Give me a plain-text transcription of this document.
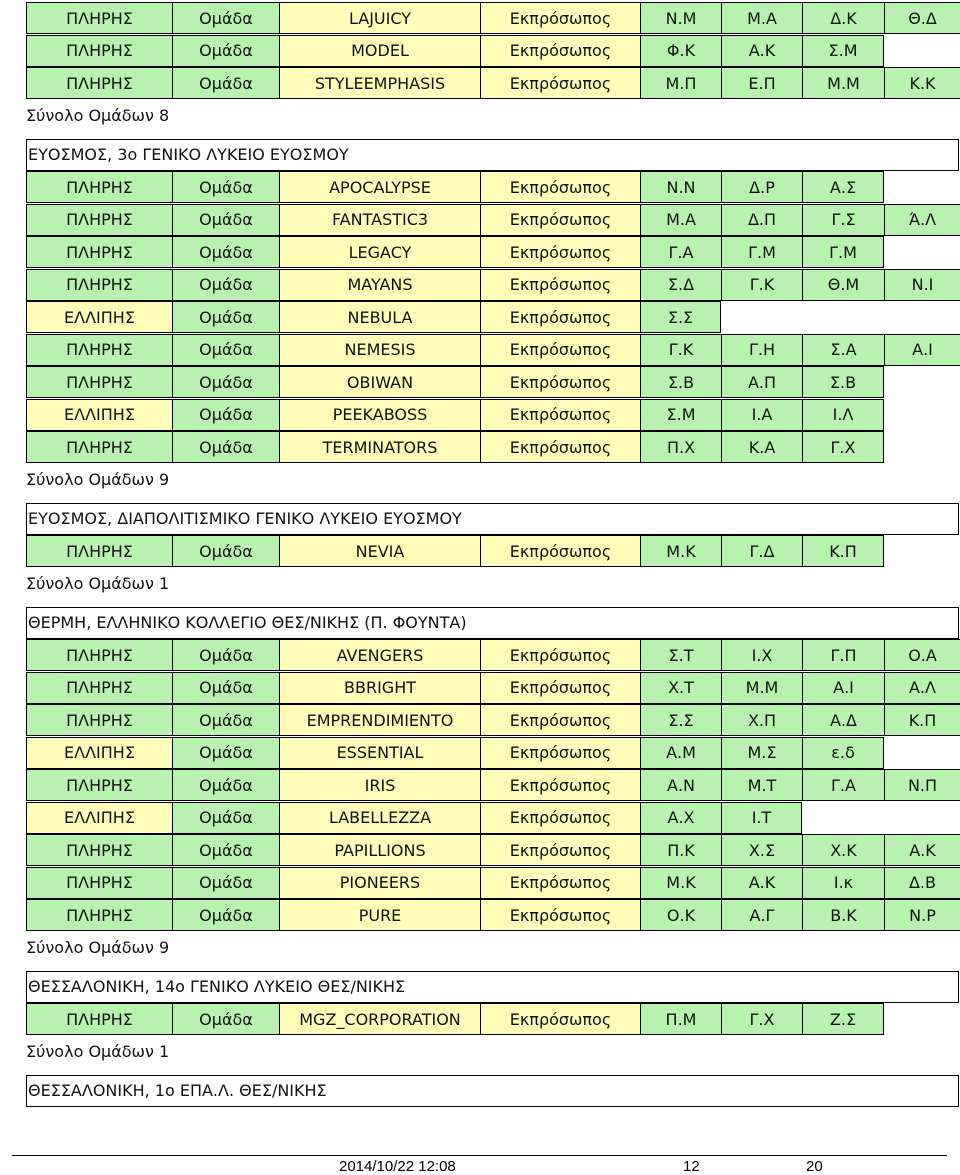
ΠΛΗΡΗΣ	Ομάδα	LAJUICY	Εκπρόσωπος	Ν.Μ	Μ.Α	Δ.Κ	Θ.Δ
ΠΛΗΡΗΣ	Ομάδα	MODEL	Εκπρόσωπος	Φ.Κ	Α.Κ	Σ.Μ
ΠΛΗΡΗΣ	Ομάδα	STYLEEMPHASIS	Εκπρόσωπος	Μ.Π	Ε.Π	Μ.Μ	Κ.Κ
Σύνολο Ομάδων 8
ΕΥΟΣΜΟΣ, 3ο ΓΕΝΙΚΟ ΛΥΚΕΙΟ ΕΥΟΣΜΟΥ
ΠΛΗΡΗΣ	Ομάδα	APOCALYPSE	Εκπρόσωπος	Ν.Ν	Δ.Ρ	Α.Σ
ΠΛΗΡΗΣ	Ομάδα	FANTASTIC3	Εκπρόσωπος	Μ.Α	Δ.Π	Γ.Σ	Ά.Λ
ΠΛΗΡΗΣ	Ομάδα	LEGACY	Εκπρόσωπος	Γ.Α	Γ.Μ	Γ.Μ
ΠΛΗΡΗΣ	Ομάδα	MAYANS	Εκπρόσωπος	Σ.Δ	Γ.Κ	Θ.Μ	Ν.Ι
ΕΛΛΙΠΗΣ	Ομάδα	NEBULA	Εκπρόσωπος	Σ.Σ
ΠΛΗΡΗΣ	Ομάδα	NEMESIS	Εκπρόσωπος	Γ.Κ	Γ.Η	Σ.Α	Α.Ι
ΠΛΗΡΗΣ	Ομάδα	OBIWAN	Εκπρόσωπος	Σ.Β	Α.Π	Σ.Β
ΕΛΛΙΠΗΣ	Ομάδα	PEEKABOSS	Εκπρόσωπος	Σ.Μ	Ι.Α	Ι.Λ
ΠΛΗΡΗΣ	Ομάδα	TERMINATORS	Εκπρόσωπος	Π.Χ	Κ.Α	Γ.Χ
Σύνολο Ομάδων 9
ΕΥΟΣΜΟΣ, ΔΙΑΠΟΛΙΤΙΣΜΙΚΟ ΓΕΝΙΚΟ ΛΥΚΕΙΟ ΕΥΟΣΜΟΥ
ΠΛΗΡΗΣ	Ομάδα	NEVIA	Εκπρόσωπος	Μ.Κ	Γ.Δ	Κ.Π
Σύνολο Ομάδων 1
ΘΕΡΜΗ, ΕΛΛΗΝΙΚΟ ΚΟΛΛΕΓΙΟ ΘΕΣ/ΝΙΚΗΣ (Π. ΦΟΥΝΤΑ)
ΠΛΗΡΗΣ	Ομάδα	AVENGERS	Εκπρόσωπος	Σ.Τ	Ι.Χ	Γ.Π	Ο.Α
ΠΛΗΡΗΣ	Ομάδα	BBRIGHT	Εκπρόσωπος	Χ.Τ	Μ.Μ	Α.Ι	Α.Λ
ΠΛΗΡΗΣ	Ομάδα	EMPRENDIMIENTO	Εκπρόσωπος	Σ.Σ	Χ.Π	Α.Δ	Κ.Π
ΕΛΛΙΠΗΣ	Ομάδα	ESSENTIAL	Εκπρόσωπος	Α.Μ	Μ.Σ	ε.δ
ΠΛΗΡΗΣ	Ομάδα	IRIS	Εκπρόσωπος	Α.Ν	Μ.Τ	Γ.Α	Ν.Π
ΕΛΛΙΠΗΣ	Ομάδα	LABELLEZZA	Εκπρόσωπος	Α.Χ	Ι.Τ
ΠΛΗΡΗΣ	Ομάδα	PAPILLIONS	Εκπρόσωπος	Π.Κ	Χ.Σ	Χ.Κ	Α.Κ
ΠΛΗΡΗΣ	Ομάδα	PIONEERS	Εκπρόσωπος	Μ.Κ	Α.Κ	Ι.κ	Δ.Β
ΠΛΗΡΗΣ	Ομάδα	PURE	Εκπρόσωπος	Ο.Κ	Α.Γ	Β.Κ	Ν.Ρ
Σύνολο Ομάδων 9
ΘΕΣΣΑΛΟΝΙΚΗ, 14ο ΓΕΝΙΚΟ ΛΥΚΕΙΟ ΘΕΣ/ΝΙΚΗΣ
ΠΛΗΡΗΣ	Ομάδα	MGZ_CORPORATION	Εκπρόσωπος	Π.Μ	Γ.Χ	Ζ.Σ
Σύνολο Ομάδων 1
ΘΕΣΣΑΛΟΝΙΚΗ, 1ο ΕΠΑ.Λ. ΘΕΣ/ΝΙΚΗΣ
2014/10/22 12:08	12	20
